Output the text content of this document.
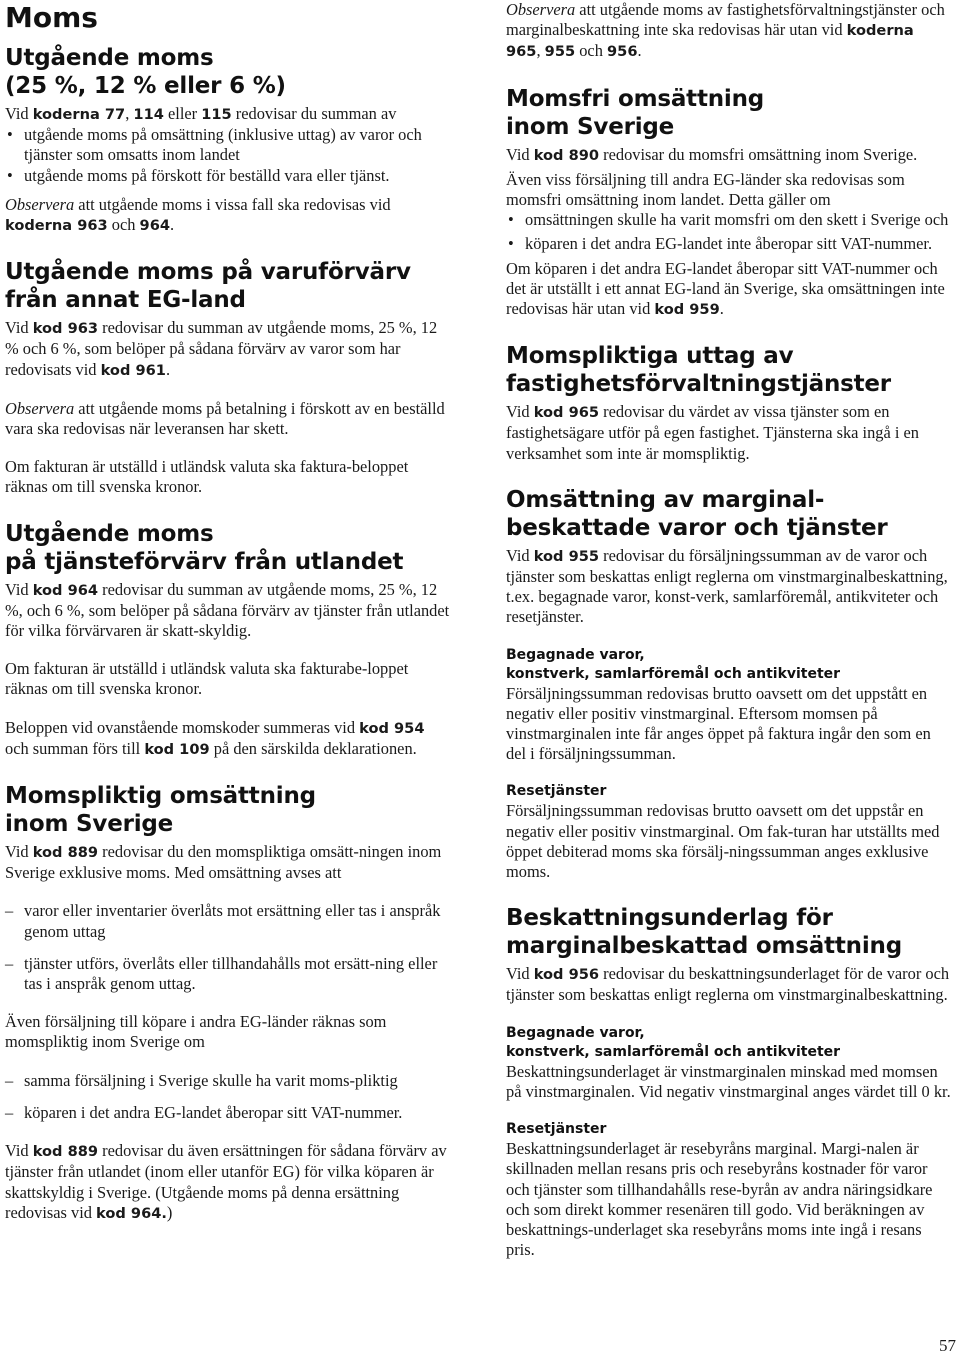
Moms
Utgående moms
(25 %, 12 % eller 6 %)

Vid koderna 77, 114 eller 115 redovisar du summan av

• utgående moms på omsättning (inklusive uttag) av varor och tjänster som omsatts inom landet
• utgående moms på förskott för beställd vara eller tjänst.

Observera att utgående moms i vissa fall ska redovisas vid koderna 963 och 964.

Utgående moms på varuförvärv från annat EG-land

Vid kod 963 redovisar du summan av utgående moms, 25 %, 12 % och 6 %, som belöper på sådana förvärv av varor som har redovisats vid kod 961.

Observera att utgående moms på betalning i förskott av en beställd vara ska redovisas när leveransen har skett.

Om fakturan är utställd i utländsk valuta ska faktura-beloppet räknas om till svenska kronor.

Utgående moms
på tjänsteförvärv från utlandet

Vid kod 964 redovisar du summan av utgående moms, 25 %, 12 %, och 6 %, som belöper på sådana förvärv av tjänster från utlandet för vilka förvärvaren är skatt-skyldig.

Om fakturan är utställd i utländsk valuta ska fakturabe-loppet räknas om till svenska kronor.

Beloppen vid ovanstående momskoder summeras vid kod 954 och summan förs till kod 109 på den särskilda deklarationen.

Momspliktig omsättning
inom Sverige

Vid kod 889 redovisar du den momspliktiga omsätt-ningen inom Sverige exklusive moms. Med omsättning avses att

– varor eller inventarier överlåts mot ersättning eller tas i anspråk genom uttag
– tjänster utförs, överlåts eller tillhandahålls mot ersätt-ning eller tas i anspråk genom uttag.

Även försäljning till köpare i andra EG-länder räknas som momspliktig inom Sverige om

– samma försäljning i Sverige skulle ha varit moms-pliktig
– köparen i det andra EG-landet åberopar sitt VAT-nummer.

Vid kod 889 redovisar du även ersättningen för sådana förvärv av tjänster från utlandet (inom eller utanför EG) för vilka köparen är skattskyldig i Sverige. (Utgående moms på denna ersättning redovisas vid kod 964.)

Observera att utgående moms av fastighetsförvaltningstjänster och marginalbeskattning inte ska redovisas här utan vid koderna 965, 955 och 956.

Momsfri omsättning
inom Sverige

Vid kod 890 redovisar du momsfri omsättning inom Sverige.

Även viss försäljning till andra EG-länder ska redovisas som momsfri omsättning inom landet. Detta gäller om

• omsättningen skulle ha varit momsfri om den skett i Sverige och
• köparen i det andra EG-landet inte åberopar sitt VAT-nummer.

Om köparen i det andra EG-landet åberopar sitt VAT-nummer och det är utställt i ett annat EG-land än Sverige, ska omsättningen inte redovisas här utan vid kod 959.

Momspliktiga uttag av fastighetsförvaltningstjänster

Vid kod 965 redovisar du värdet av vissa tjänster som en fastighetsägare utför på egen fastighet. Tjänsterna ska ingå i en verksamhet som inte är momspliktig.

Omsättning av marginal-beskattade varor och tjänster

Vid kod 955 redovisar du försäljningssumman av de varor och tjänster som beskattas enligt reglerna om vinstmarginalbeskattning, t.ex. begagnade varor, konst-verk, samlarföremål, antikviteter och resetjänster.

Begagnade varor,
konstverk, samlarföremål och antikviteter

Försäljningssumman redovisas brutto oavsett om det uppstått en negativ eller positiv vinstmarginal. Eftersom momsen på vinstmarginalen inte får anges öppet på faktura ingår den som en del i försäljningssumman.

Resetjänster

Försäljningssumman redovisas brutto oavsett om det uppstår en negativ eller positiv vinstmarginal. Om fak-turan har utställts med öppet debiterad moms ska försälj-ningssumman anges exklusive moms.

Beskattningsunderlag för marginalbeskattad omsättning

Vid kod 956 redovisar du beskattningsunderlaget för de varor och tjänster som beskattas enligt reglerna om vinstmarginalbeskattning.

Begagnade varor,
konstverk, samlarföremål och antikviteter

Beskattningsunderlaget är vinstmarginalen minskad med momsen på vinstmarginalen. Vid negativ vinstmarginal anges värdet till 0 kr.

Resetjänster

Beskattningsunderlaget är resebyråns marginal. Margi-nalen är skillnaden mellan resans pris och resebyråns kostnader för varor och tjänster som tillhandahålls rese-byrån av andra näringsidkare och som direkt kommer resenären till godo. Vid beräkningen av beskattnings-underlaget ska resebyråns moms inte ingå i resans pris.

57
